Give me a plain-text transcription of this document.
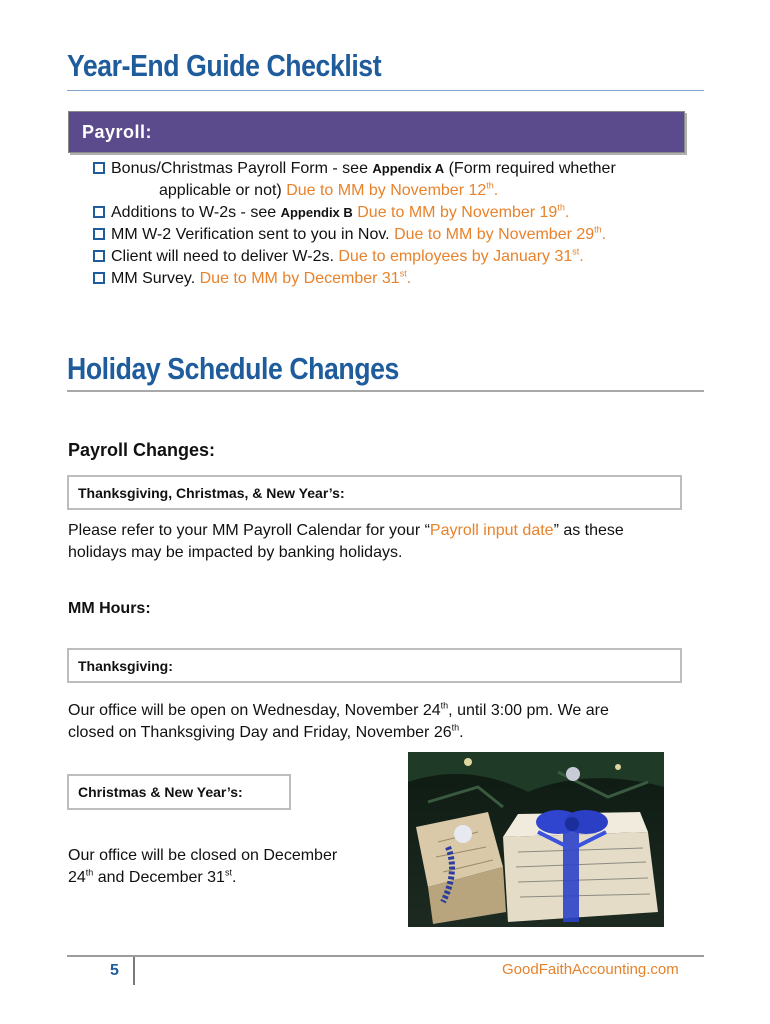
Year-End Guide Checklist
Payroll:
Bonus/Christmas Payroll Form - see Appendix A (Form required whether
applicable or not) Due to MM by November 12th.
Additions to W-2s - see Appendix B Due to MM by November 19th.
MM W-2 Verification sent to you in Nov. Due to MM by November 29th.
Client will need to deliver W-2s. Due to employees by January 31st.
MM Survey. Due to MM by December 31st.
Holiday Schedule Changes
Payroll Changes:
Thanksgiving, Christmas, & New Year’s:
Please refer to your MM Payroll Calendar for your “Payroll input date” as these
holidays may be impacted by banking holidays.
MM Hours:
Thanksgiving:
Our office will be open on Wednesday, November 24th, until 3:00 pm. We are
closed on Thanksgiving Day and Friday, November 26th.
Christmas & New Year’s:
Our office will be closed on December
24th and December 31st.
5	GoodFaithAccounting.com
